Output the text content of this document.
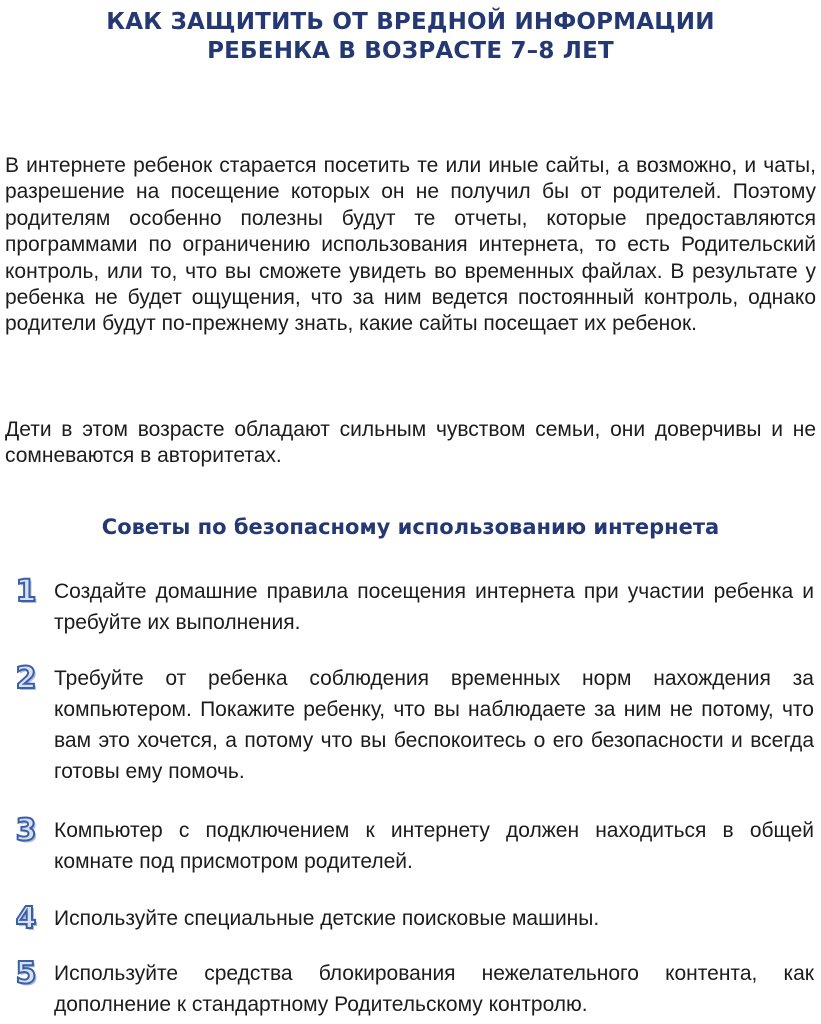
КАК ЗАЩИТИТЬ ОТ ВРЕДНОЙ ИНФОРМАЦИИ
РЕБЕНКА В ВОЗРАСТЕ 7–8 ЛЕТ

В интернете ребенок старается посетить те или иные сайты, а возможно, и чаты, разрешение на посещение которых он не получил бы от родителей. Поэтому родителям особенно полезны будут те отчеты, которые предоставляются программами по ограничению использования интернета, то есть Родительский контроль, или то, что вы сможете увидеть во временных файлах. В результате у ребенка не будет ощущения, что за ним ведется постоянный контроль, однако родители будут по-прежнему знать, какие сайты посещает их ребенок.

Дети в этом возрасте обладают сильным чувством семьи, они доверчивы и не сомневаются в авторитетах.

Советы по безопасному использованию интернета
1 Создайте домашние правила посещения интернета при участии ребенка и требуйте их выполнения.

2 Требуйте от ребенка соблюдения временных норм нахождения за компьютером. Покажите ребенку, что вы наблюдаете за ним не потому, что вам это хочется, а потому что вы беспокоитесь о его безопасности и всегда готовы ему помочь.

3 Компьютер с подключением к интернету должен находиться в общей комнате под присмотром родителей.

4 Используйте специальные детские поисковые машины.

5 Используйте средства блокирования нежелательного контента, как дополнение к стандартному Родительскому контролю.
